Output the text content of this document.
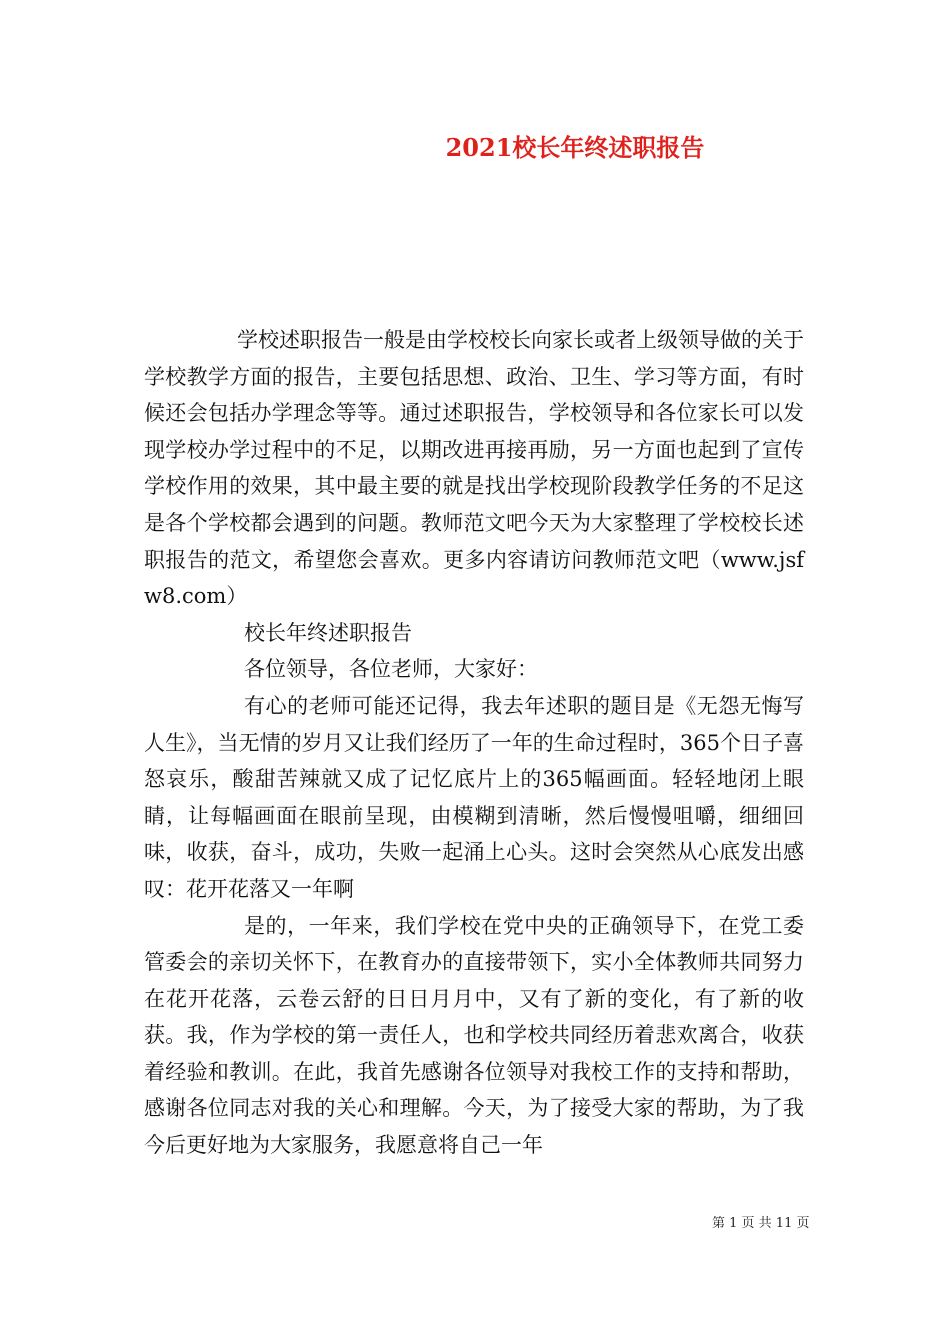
2021校长年终述职报告

学校述职报告一般是由学校校长向家长或者上级领导做的关于学校教学方面的报告，主要包括思想、政治、卫生、学习等方面，有时候还会包括办学理念等等。通过述职报告，学校领导和各位家长可以发现学校办学过程中的不足，以期改进再接再励，另一方面也起到了宣传学校作用的效果，其中最主要的就是找出学校现阶段教学任务的不足这是各个学校都会遇到的问题。教师范文吧今天为大家整理了学校校长述职报告的范文，希望您会喜欢。更多内容请访问教师范文吧（www.jsfw8.com）

校长年终述职报告

各位领导，各位老师，大家好：

有心的老师可能还记得，我去年述职的题目是《无怨无悔写人生》，当无情的岁月又让我们经历了一年的生命过程时，365个日子喜怒哀乐，酸甜苦辣就又成了记忆底片上的365幅画面。轻轻地闭上眼睛，让每幅画面在眼前呈现，由模糊到清晰，然后慢慢咀嚼，细细回味，收获，奋斗，成功，失败一起涌上心头。这时会突然从心底发出感叹：花开花落又一年啊

是的，一年来，我们学校在党中央的正确领导下，在党工委管委会的亲切关怀下，在教育办的直接带领下，实小全体教师共同努力在花开花落，云卷云舒的日日月月中，又有了新的变化，有了新的收获。我，作为学校的第一责任人，也和学校共同经历着悲欢离合，收获着经验和教训。在此，我首先感谢各位领导对我校工作的支持和帮助，感谢各位同志对我的关心和理解。今天，为了接受大家的帮助，为了我今后更好地为大家服务，我愿意将自己一年

第 1 页 共 11 页
